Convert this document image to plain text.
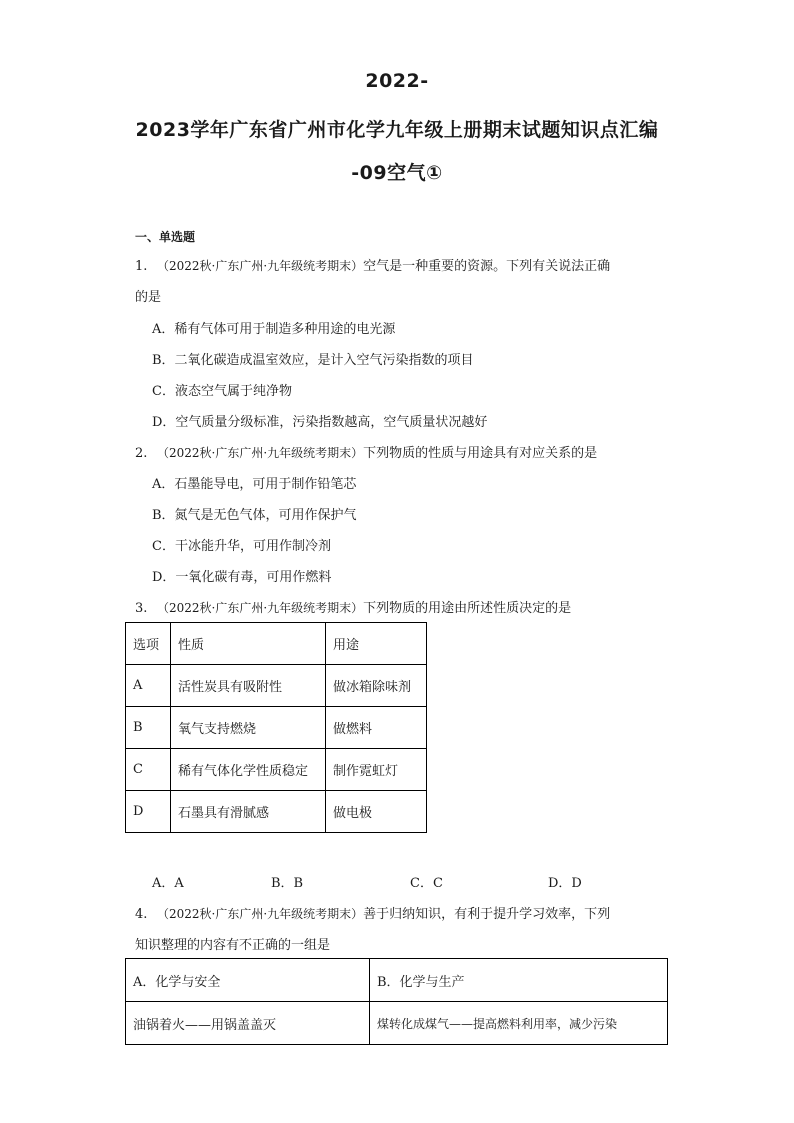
2022-
2023学年广东省广州市化学九年级上册期末试题知识点汇编
-09空气①
一、单选题
1. （2022秋·广东广州·九年级统考期末）空气是一种重要的资源。下列有关说法正确
的是
A．稀有气体可用于制造多种用途的电光源
B．二氧化碳造成温室效应，是计入空气污染指数的项目
C．液态空气属于纯净物
D．空气质量分级标准，污染指数越高，空气质量状况越好
2. （2022秋·广东广州·九年级统考期末）下列物质的性质与用途具有对应关系的是
A．石墨能导电，可用于制作铅笔芯
B．氮气是无色气体，可用作保护气
C．干冰能升华，可用作制冷剂
D．一氧化碳有毒，可用作燃料
3. （2022秋·广东广州·九年级统考期末）下列物质的用途由所述性质决定的是
选项	性质	用途
A	活性炭具有吸附性	做冰箱除味剂
B	氧气支持燃烧	做燃料
C	稀有气体化学性质稳定	制作霓虹灯
D	石墨具有滑腻感	做电极
A．A	B．B	C．C	D．D
4. （2022秋·广东广州·九年级统考期末）善于归纳知识，有利于提升学习效率，下列
知识整理的内容有不正确的一组是
A．化学与安全	B．化学与生产
油锅着火——用锅盖盖灭	煤转化成煤气——提高燃料利用率，减少污染
